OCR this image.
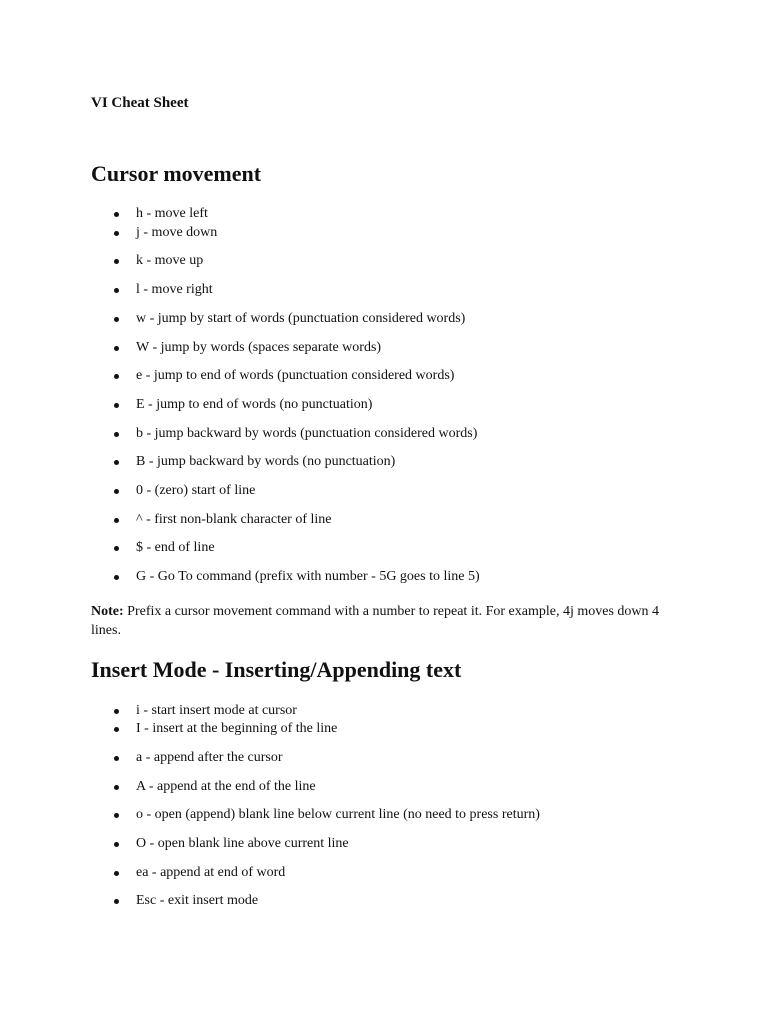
VI Cheat Sheet
Cursor movement
h - move left
j - move down
k - move up
l - move right
w - jump by start of words (punctuation considered words)
W - jump by words (spaces separate words)
e - jump to end of words (punctuation considered words)
E - jump to end of words (no punctuation)
b - jump backward by words (punctuation considered words)
B - jump backward by words (no punctuation)
0 - (zero) start of line
^ - first non-blank character of line
$ - end of line
G - Go To command (prefix with number - 5G goes to line 5)

Note: Prefix a cursor movement command with a number to repeat it. For example, 4j moves down 4 lines.

Insert Mode - Inserting/Appending text
i - start insert mode at cursor
I - insert at the beginning of the line
a - append after the cursor
A - append at the end of the line
o - open (append) blank line below current line (no need to press return)
O - open blank line above current line
ea - append at end of word
Esc - exit insert mode
